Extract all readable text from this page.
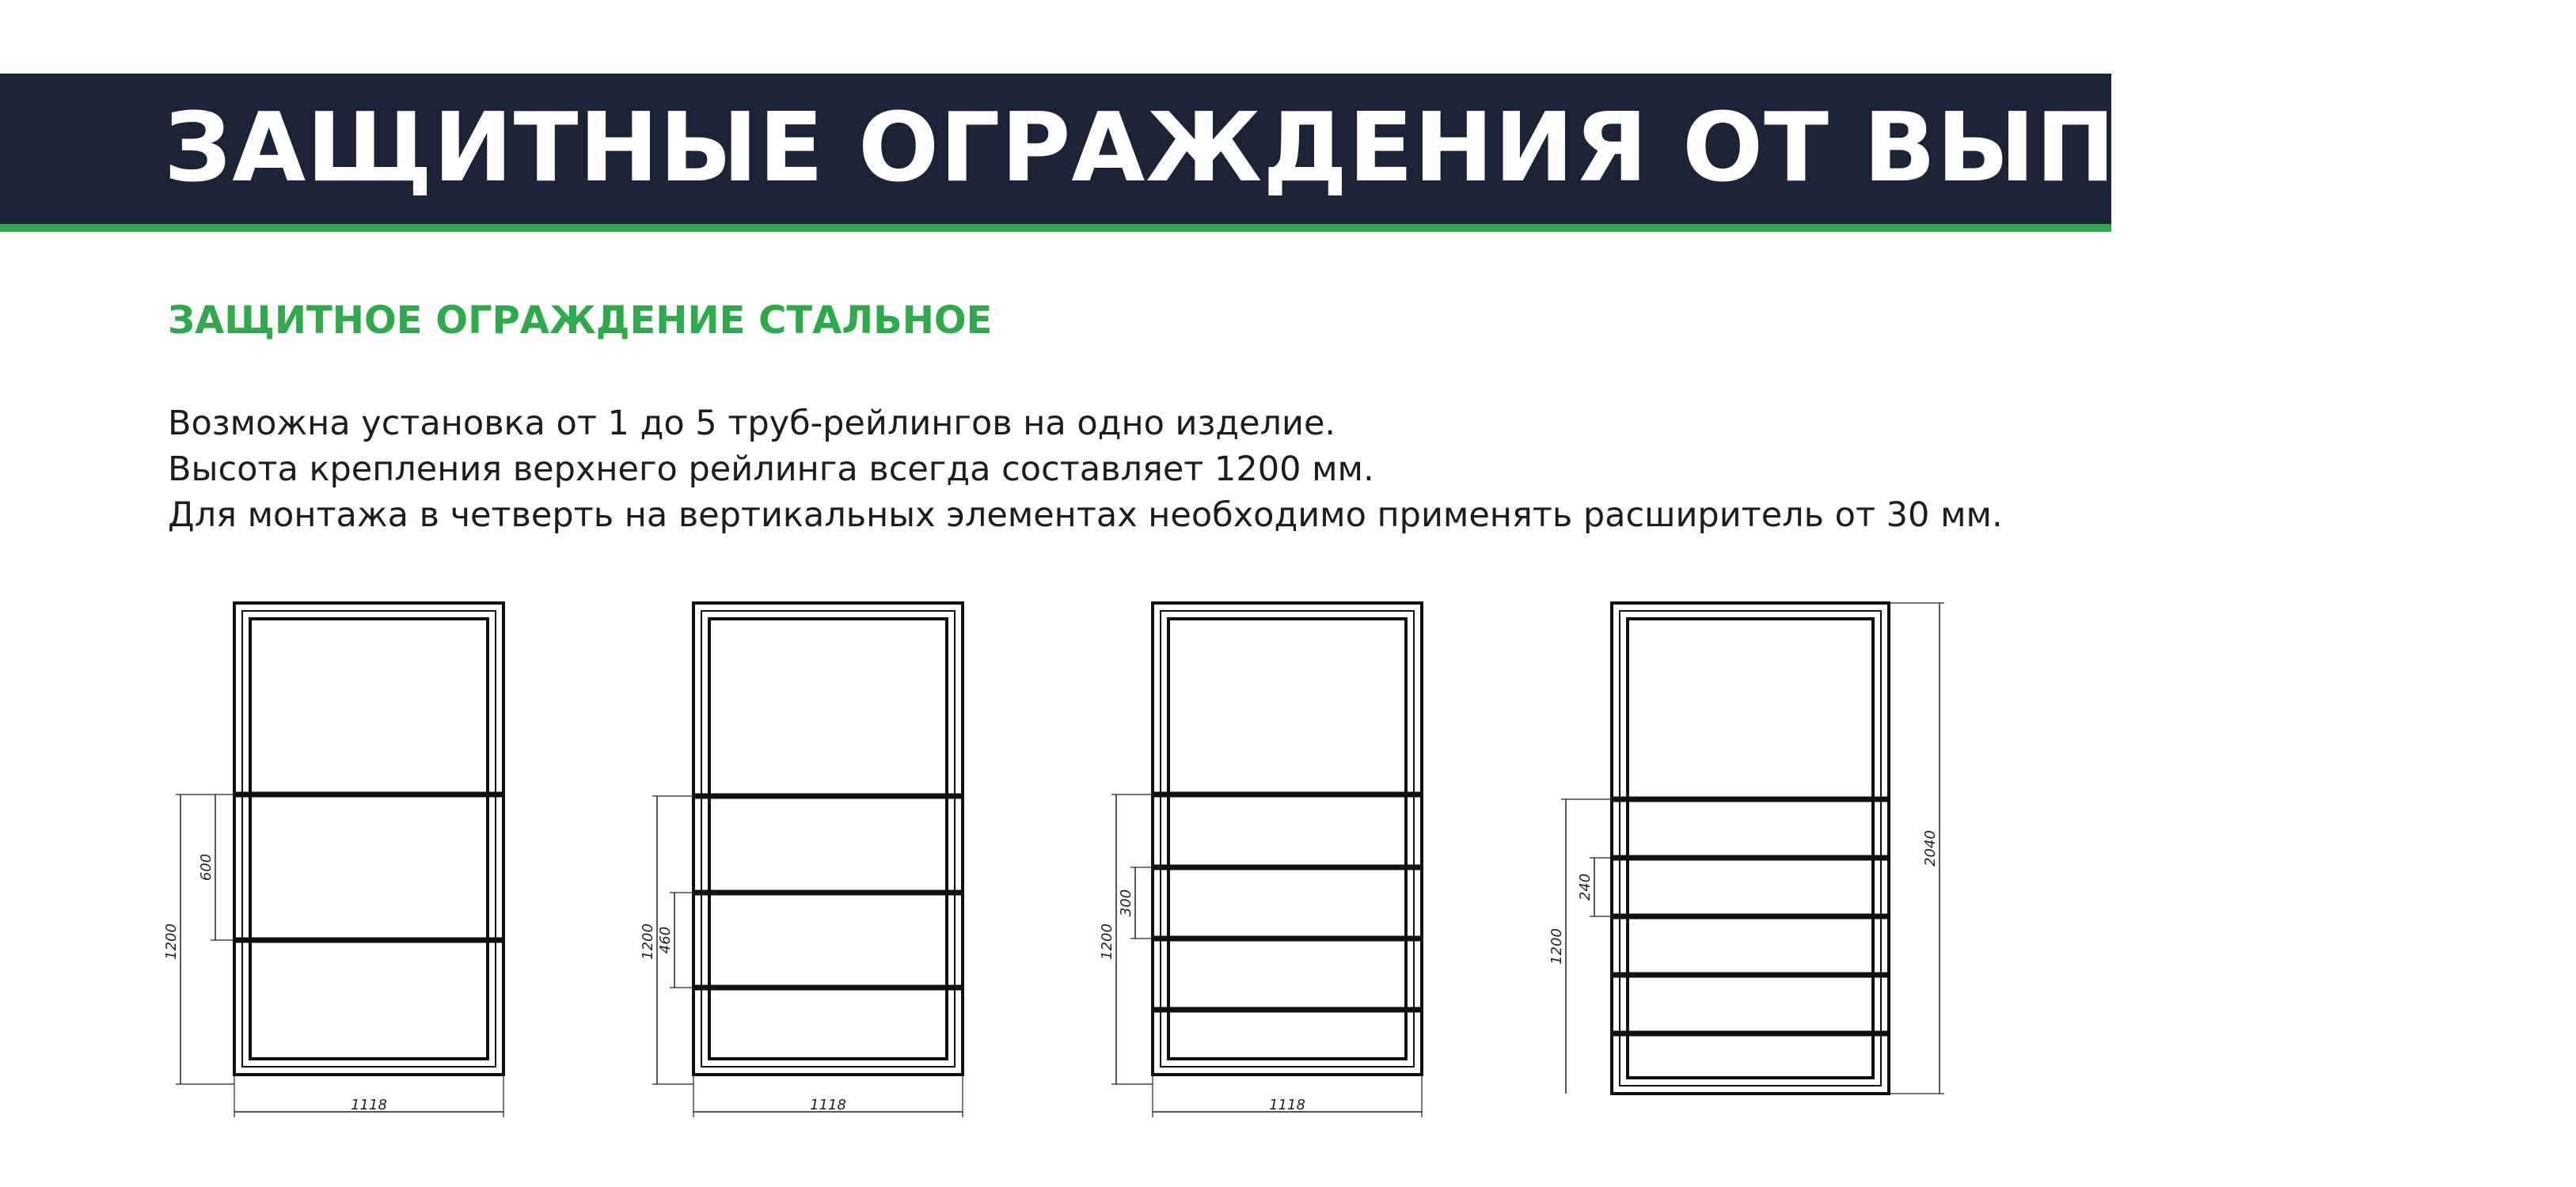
ЗАЩИТНЫЕ ОГРАЖДЕНИЯ ОТ ВЫПАДЕНИЯ
ЗАЩИТНОЕ ОГРАЖДЕНИЕ СТАЛЬНОЕ
Возможна установка от 1 до 5 труб-рейлингов на одно изделие.
Высота крепления верхнего рейлинга всегда составляет 1200 мм.
Для монтажа в четверть на вертикальных элементах необходимо применять расширитель от 30 мм.
1200
600
1118
1200 460
1118
1200
300
1118
1200
240
2040
